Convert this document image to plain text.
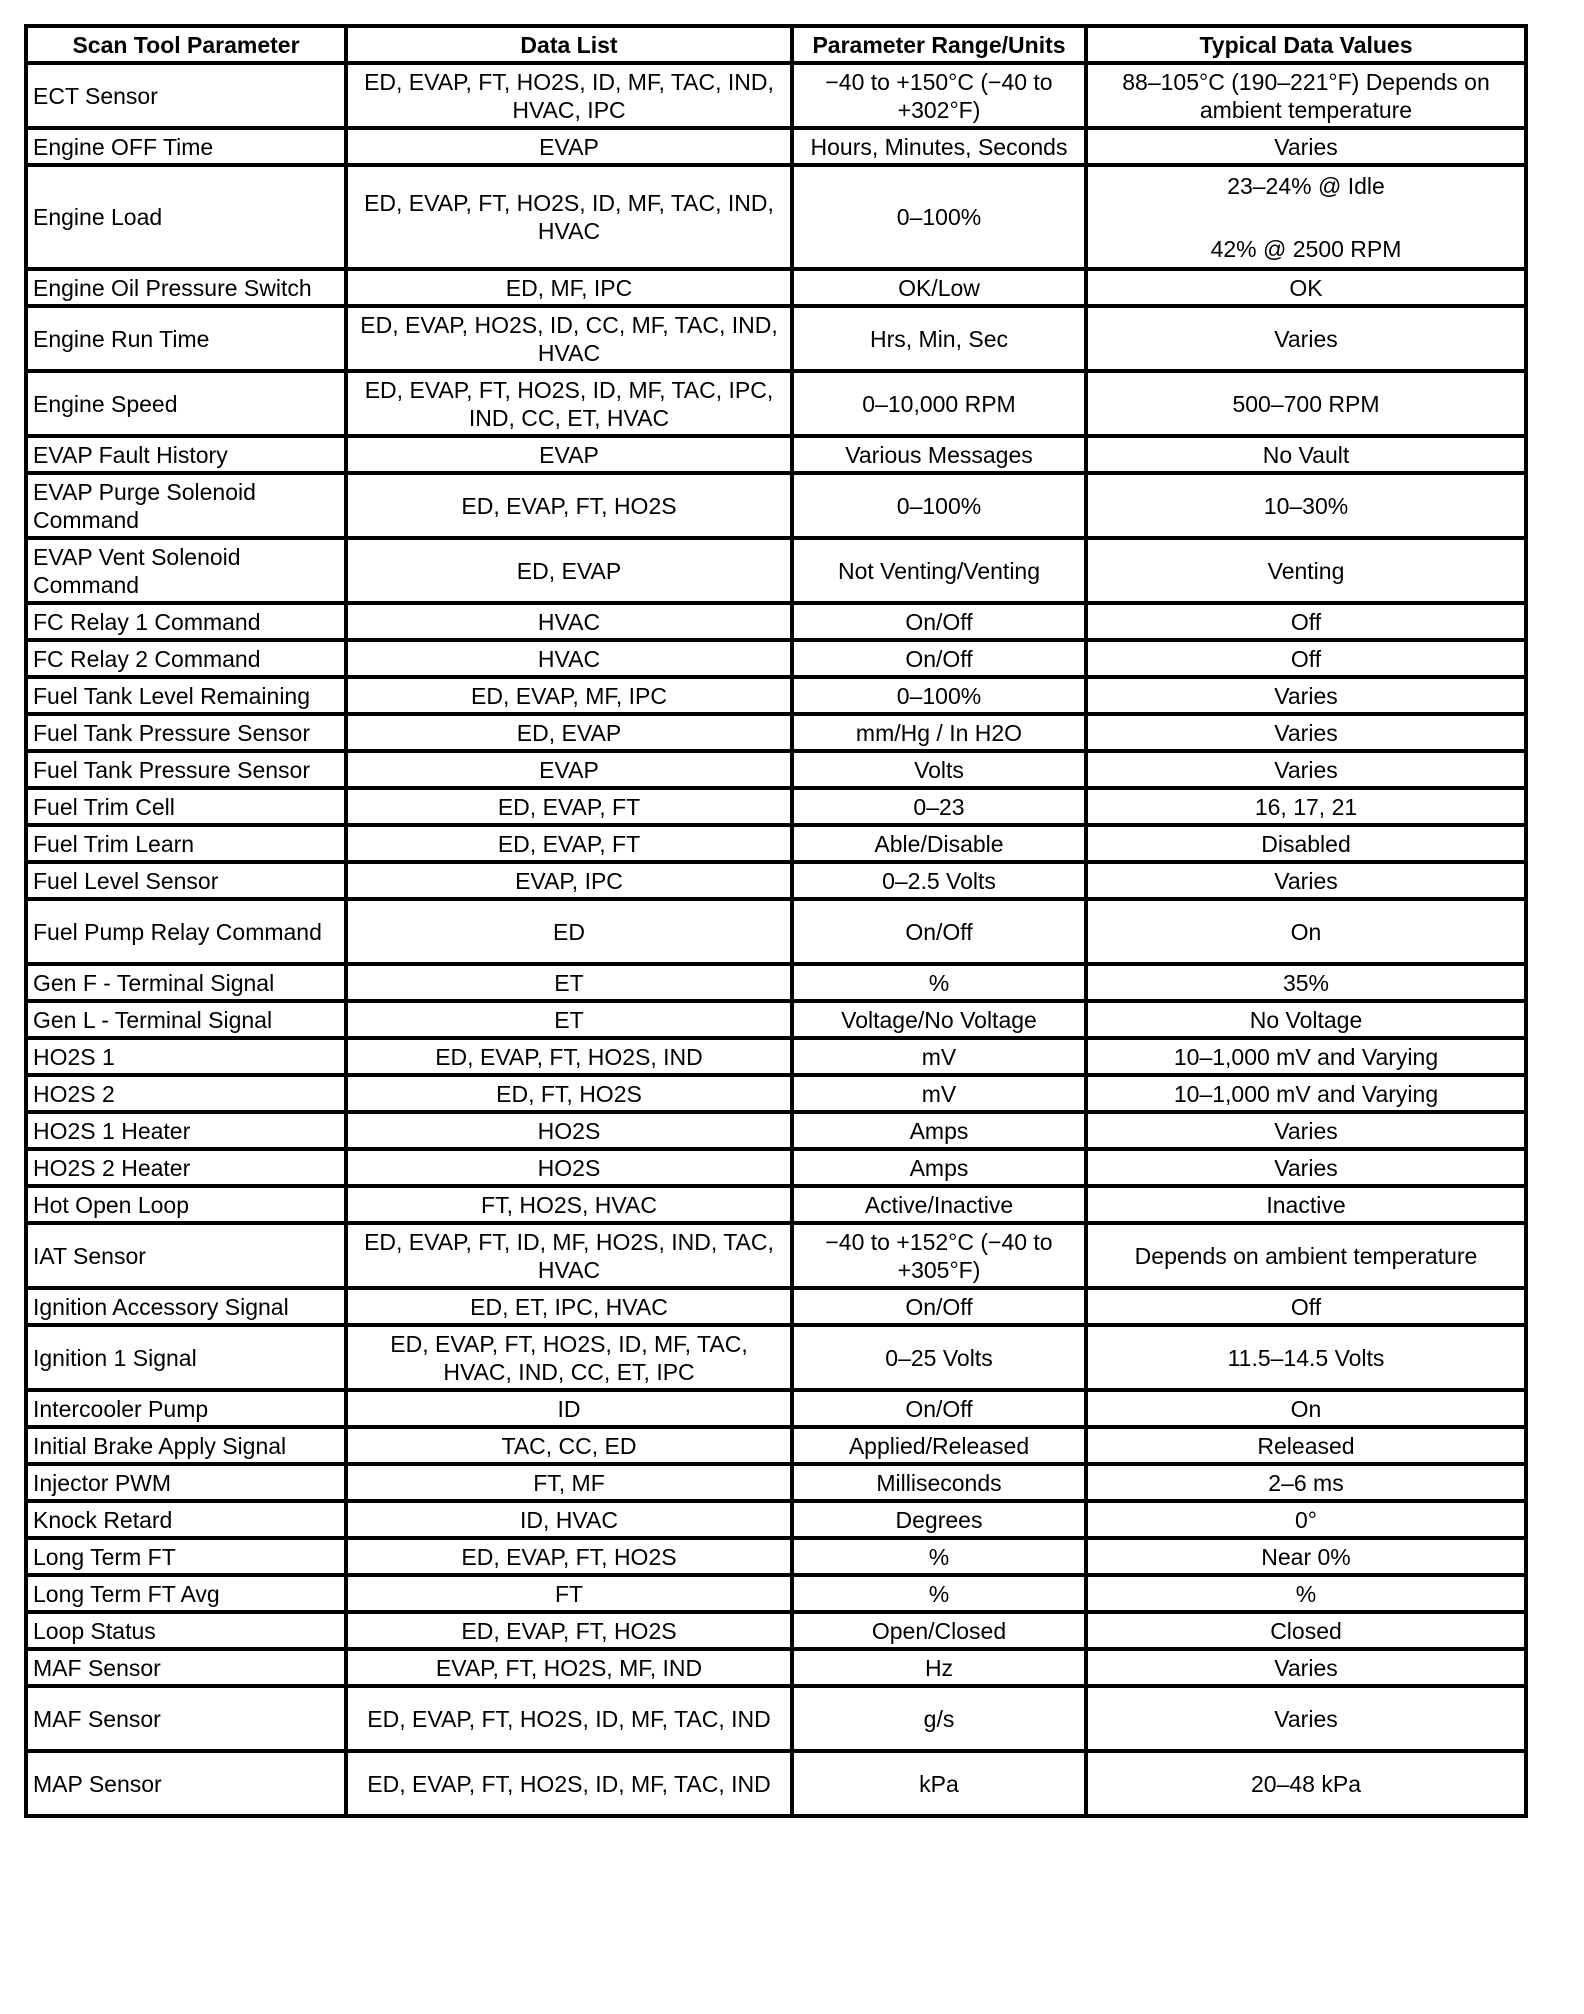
Scan Tool Parameter	Data List	Parameter Range/Units	Typical Data Values
ECT Sensor	ED, EVAP, FT, HO2S, ID, MF, TAC, IND, HVAC, IPC	−40 to +150°C (−40 to +302°F)	88–105°C (190–221°F) Depends on ambient temperature
Engine OFF Time	EVAP	Hours, Minutes, Seconds	Varies
Engine Load	ED, EVAP, FT, HO2S, ID, MF, TAC, IND, HVAC	0–100%	23–24% @ Idle
42% @ 2500 RPM

Engine Oil Pressure Switch	ED, MF, IPC	OK/Low	OK
Engine Run Time	ED, EVAP, HO2S, ID, CC, MF, TAC, IND, HVAC	Hrs, Min, Sec	Varies
Engine Speed	ED, EVAP, FT, HO2S, ID, MF, TAC, IPC, IND, CC, ET, HVAC	0–10,000 RPM	500–700 RPM
EVAP Fault History	EVAP	Various Messages	No Vault
EVAP Purge Solenoid Command	ED, EVAP, FT, HO2S	0–100%	10–30%
EVAP Vent Solenoid Command	ED, EVAP	Not Venting/Venting	Venting
FC Relay 1 Command	HVAC	On/Off	Off
FC Relay 2 Command	HVAC	On/Off	Off
Fuel Tank Level Remaining	ED, EVAP, MF, IPC	0–100%	Varies
Fuel Tank Pressure Sensor	ED, EVAP	mm/Hg / In H2O	Varies
Fuel Tank Pressure Sensor	EVAP	Volts	Varies
Fuel Trim Cell	ED, EVAP, FT	0–23	16, 17, 21
Fuel Trim Learn	ED, EVAP, FT	Able/Disable	Disabled
Fuel Level Sensor	EVAP, IPC	0–2.5 Volts	Varies
Fuel Pump Relay Command	ED	On/Off	On
Gen F - Terminal Signal	ET	%	35%
Gen L - Terminal Signal	ET	Voltage/No Voltage	No Voltage
HO2S 1	ED, EVAP, FT, HO2S, IND	mV	10–1,000 mV and Varying
HO2S 2	ED, FT, HO2S	mV	10–1,000 mV and Varying
HO2S 1 Heater	HO2S	Amps	Varies
HO2S 2 Heater	HO2S	Amps	Varies
Hot Open Loop	FT, HO2S, HVAC	Active/Inactive	Inactive
IAT Sensor	ED, EVAP, FT, ID, MF, HO2S, IND, TAC, HVAC	−40 to +152°C (−40 to +305°F)	Depends on ambient temperature
Ignition Accessory Signal	ED, ET, IPC, HVAC	On/Off	Off
Ignition 1 Signal	ED, EVAP, FT, HO2S, ID, MF, TAC, HVAC, IND, CC, ET, IPC	0–25 Volts	11.5–14.5 Volts
Intercooler Pump	ID	On/Off	On
Initial Brake Apply Signal	TAC, CC, ED	Applied/Released	Released
Injector PWM	FT, MF	Milliseconds	2–6 ms
Knock Retard	ID, HVAC	Degrees	0°
Long Term FT	ED, EVAP, FT, HO2S	%	Near 0%
Long Term FT Avg	FT	%	%
Loop Status	ED, EVAP, FT, HO2S	Open/Closed	Closed
MAF Sensor	EVAP, FT, HO2S, MF, IND	Hz	Varies
MAF Sensor	ED, EVAP, FT, HO2S, ID, MF, TAC, IND	g/s	Varies
MAP Sensor	ED, EVAP, FT, HO2S, ID, MF, TAC, IND	kPa	20–48 kPa
